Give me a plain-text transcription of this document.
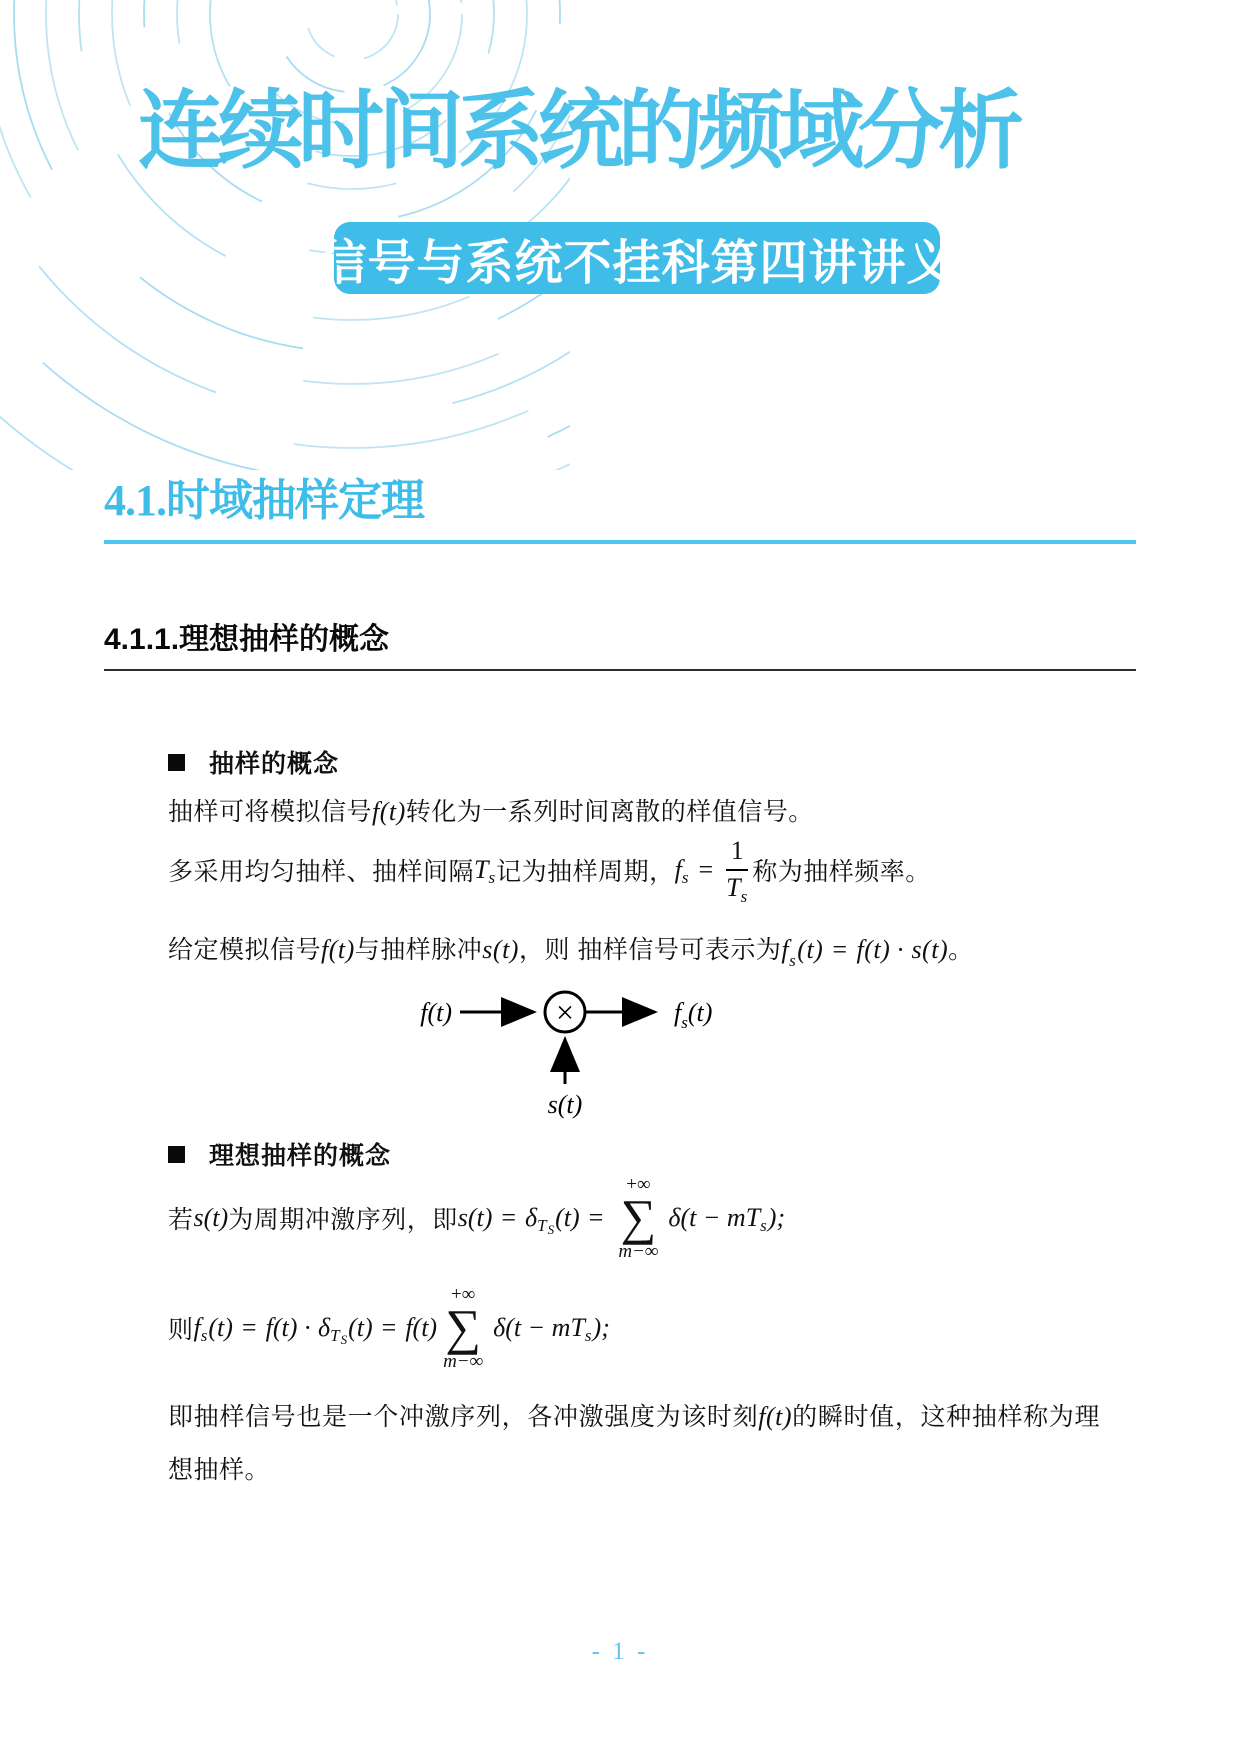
连续时间系统的频域分析
信号与系统不挂科第四讲讲义
4.1.时域抽样定理
4.1.1.理想抽样的概念
抽样的概念

抽样可将模拟信号f(t)转化为一系列时间离散的样值信号。

多采用均匀抽样、抽样间隔 T s 记为抽样周期， f $s = \frac{1}{Ts}$ 称为抽样频率。

给定模拟信号f(t)与抽样脉冲s(t)，则 抽样信号可表示为fs(t) = f(t) · s(t)。

f(t)	×	$f_s(t)$
s(t)
理想抽样的概念
若 s(t) 为周期冲激序列，即 s(t) = δ T S (t) =
+∞
∑
m−∞
δ(t − mT s );
则 f s (t) = f(t) · δ T S (t) = f(t)
+∞
∑
m−∞
δ(t − mT s );

即抽样信号也是一个冲激序列，各冲激强度为该时刻f(t)的瞬时值，这种抽样称为理想抽样。

- 1 -
